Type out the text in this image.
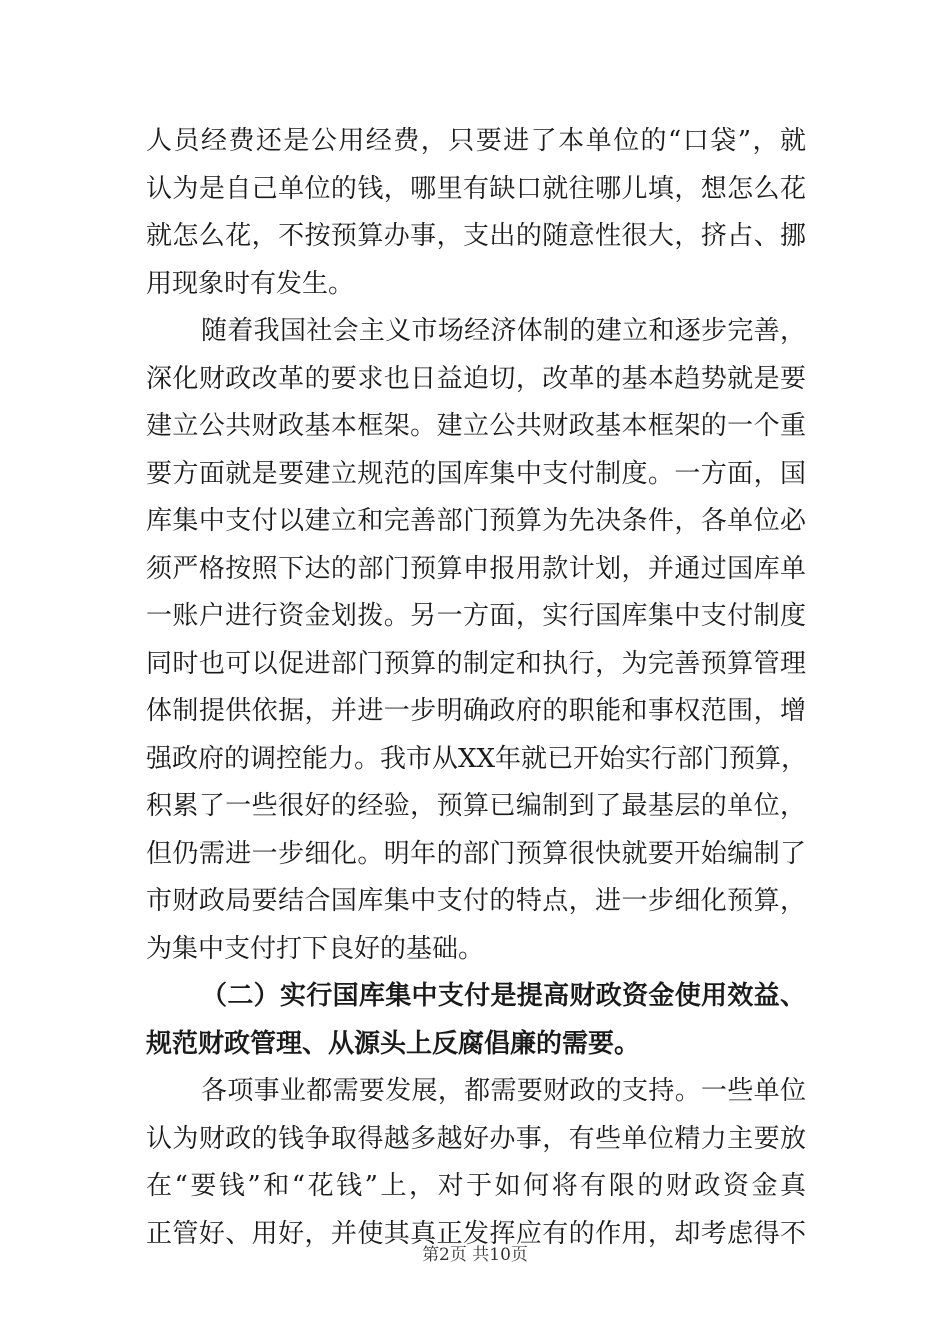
人员经费还是公用经费，只要进了本单位的“口袋”，就
认为是自己单位的钱，哪里有缺口就往哪儿填，想怎么花
就怎么花，不按预算办事，支出的随意性很大，挤占、挪
用现象时有发生。
随着我国社会主义市场经济体制的建立和逐步完善，
深化财政改革的要求也日益迫切，改革的基本趋势就是要
建立公共财政基本框架。建立公共财政基本框架的一个重
要方面就是要建立规范的国库集中支付制度。一方面，国
库集中支付以建立和完善部门预算为先决条件，各单位必
须严格按照下达的部门预算申报用款计划，并通过国库单
一账户进行资金划拨。另一方面，实行国库集中支付制度
同时也可以促进部门预算的制定和执行，为完善预算管理
体制提供依据，并进一步明确政府的职能和事权范围，增
强政府的调控能力。我市从XX年就已开始实行部门预算，
积累了一些很好的经验，预算已编制到了最基层的单位，
但仍需进一步细化。明年的部门预算很快就要开始编制了
市财政局要结合国库集中支付的特点，进一步细化预算，
为集中支付打下良好的基础。
（二）实行国库集中支付是提高财政资金使用效益、
规范财政管理、从源头上反腐倡廉的需要。
各项事业都需要发展，都需要财政的支持。一些单位
认为财政的钱争取得越多越好办事，有些单位精力主要放
在“要钱”和“花钱”上，对于如何将有限的财政资金真
正管好、用好，并使其真正发挥应有的作用，却考虑得不
第2页 共10页
